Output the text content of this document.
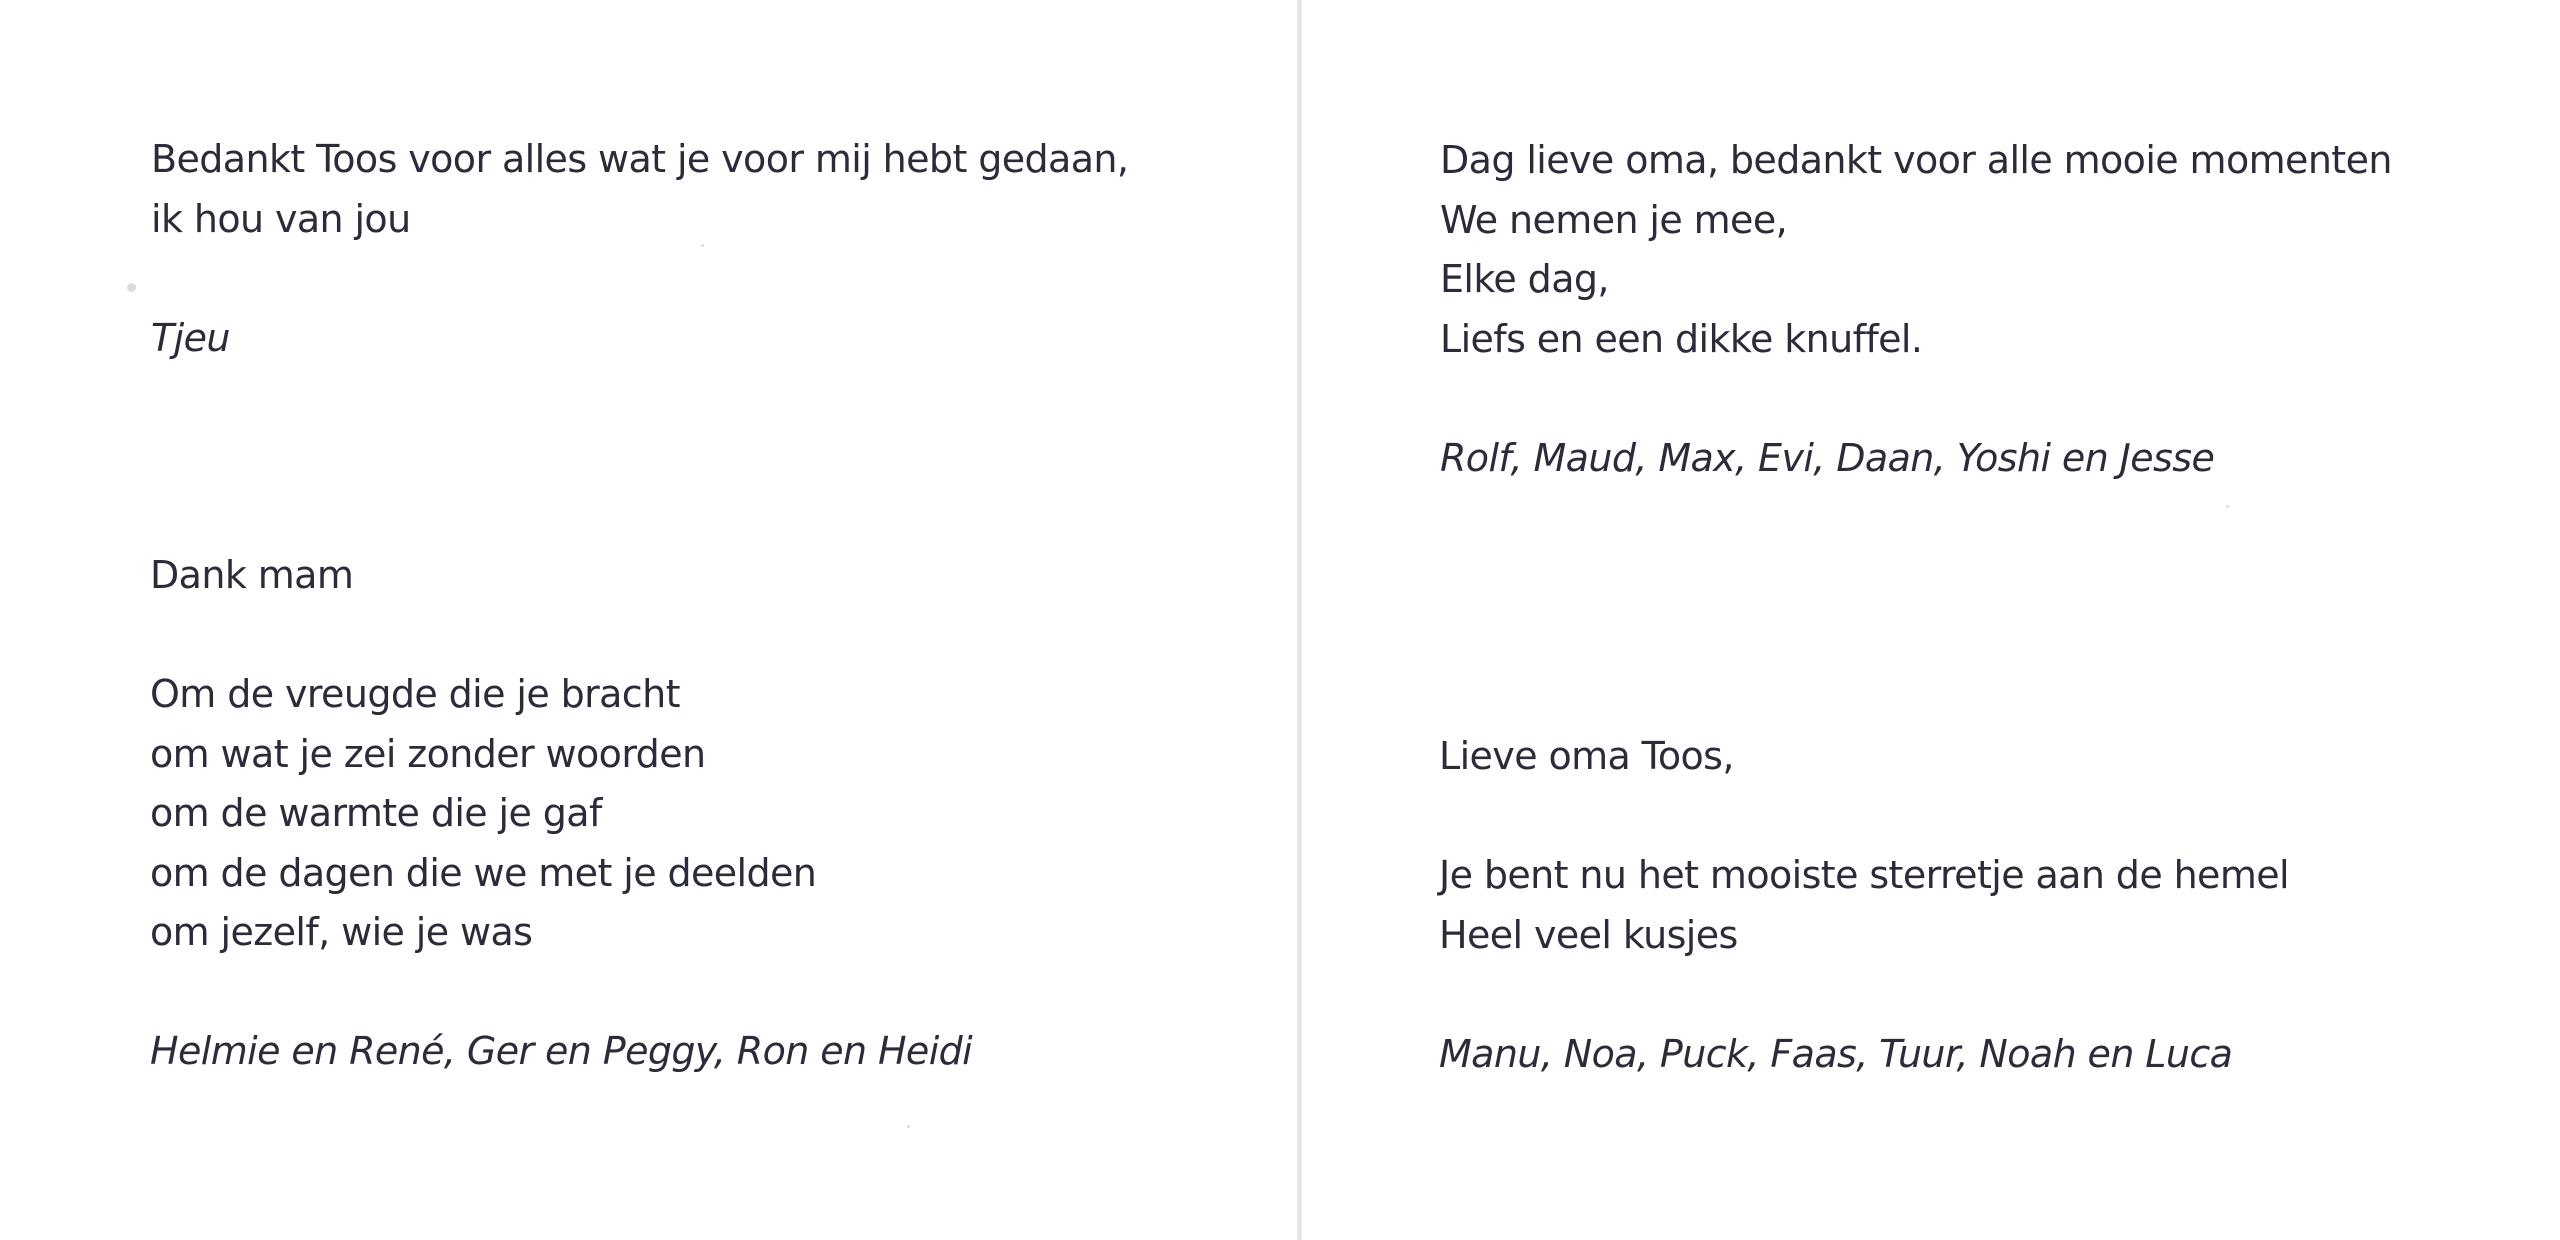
Bedankt Toos voor alles wat je voor mij hebt gedaan,
ik hou van jou
Tjeu
Dank mam
Om de vreugde die je bracht
om wat je zei zonder woorden
om de warmte die je gaf
om de dagen die we met je deelden
om jezelf, wie je was
Helmie en René, Ger en Peggy, Ron en Heidi
Dag lieve oma, bedankt voor alle mooie momenten
We nemen je mee,
Elke dag,
Liefs en een dikke knuffel.
Rolf, Maud, Max, Evi, Daan, Yoshi en Jesse
Lieve oma Toos,
Je bent nu het mooiste sterretje aan de hemel
Heel veel kusjes
Manu, Noa, Puck, Faas, Tuur, Noah en Luca
